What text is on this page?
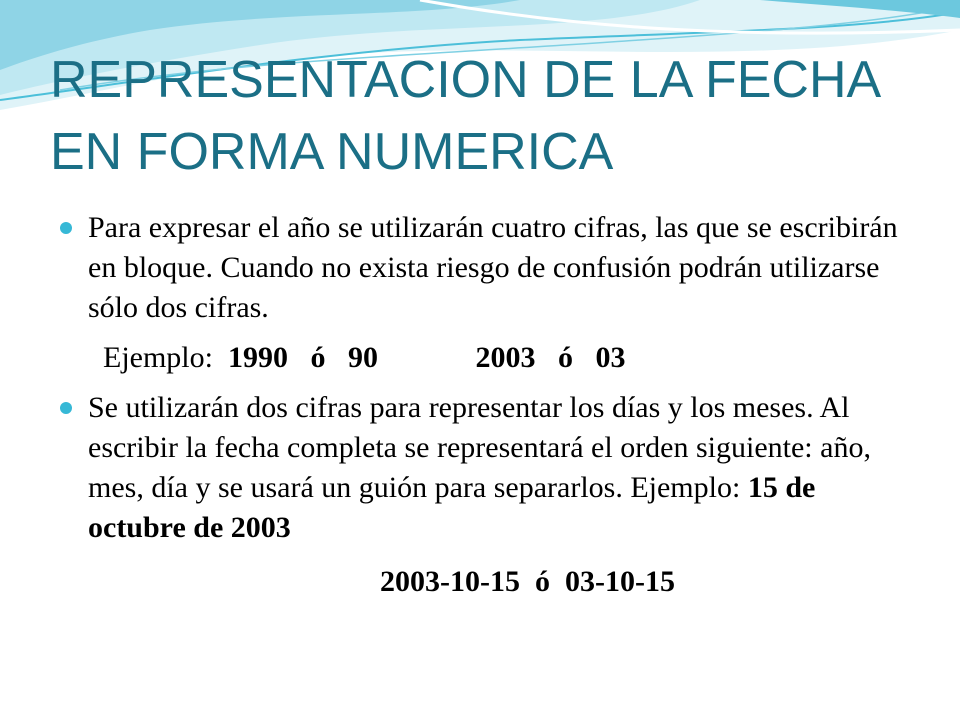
REPRESENTACION DE LA FECHA
EN FORMA NUMERICA
Para expresar el año se utilizarán cuatro cifras, las que se escribirán en bloque. Cuando no exista riesgo de confusión podrán utilizarse sólo dos cifras.
Ejemplo: 1990 ó 90	2003 ó 03
Se utilizarán dos cifras para representar los días y los meses. Al escribir la fecha completa se representará el orden siguiente: año, mes, día y se usará un guión para separarlos. Ejemplo: 15 de octubre de 2003
2003-10-15 ó 03-10-15
